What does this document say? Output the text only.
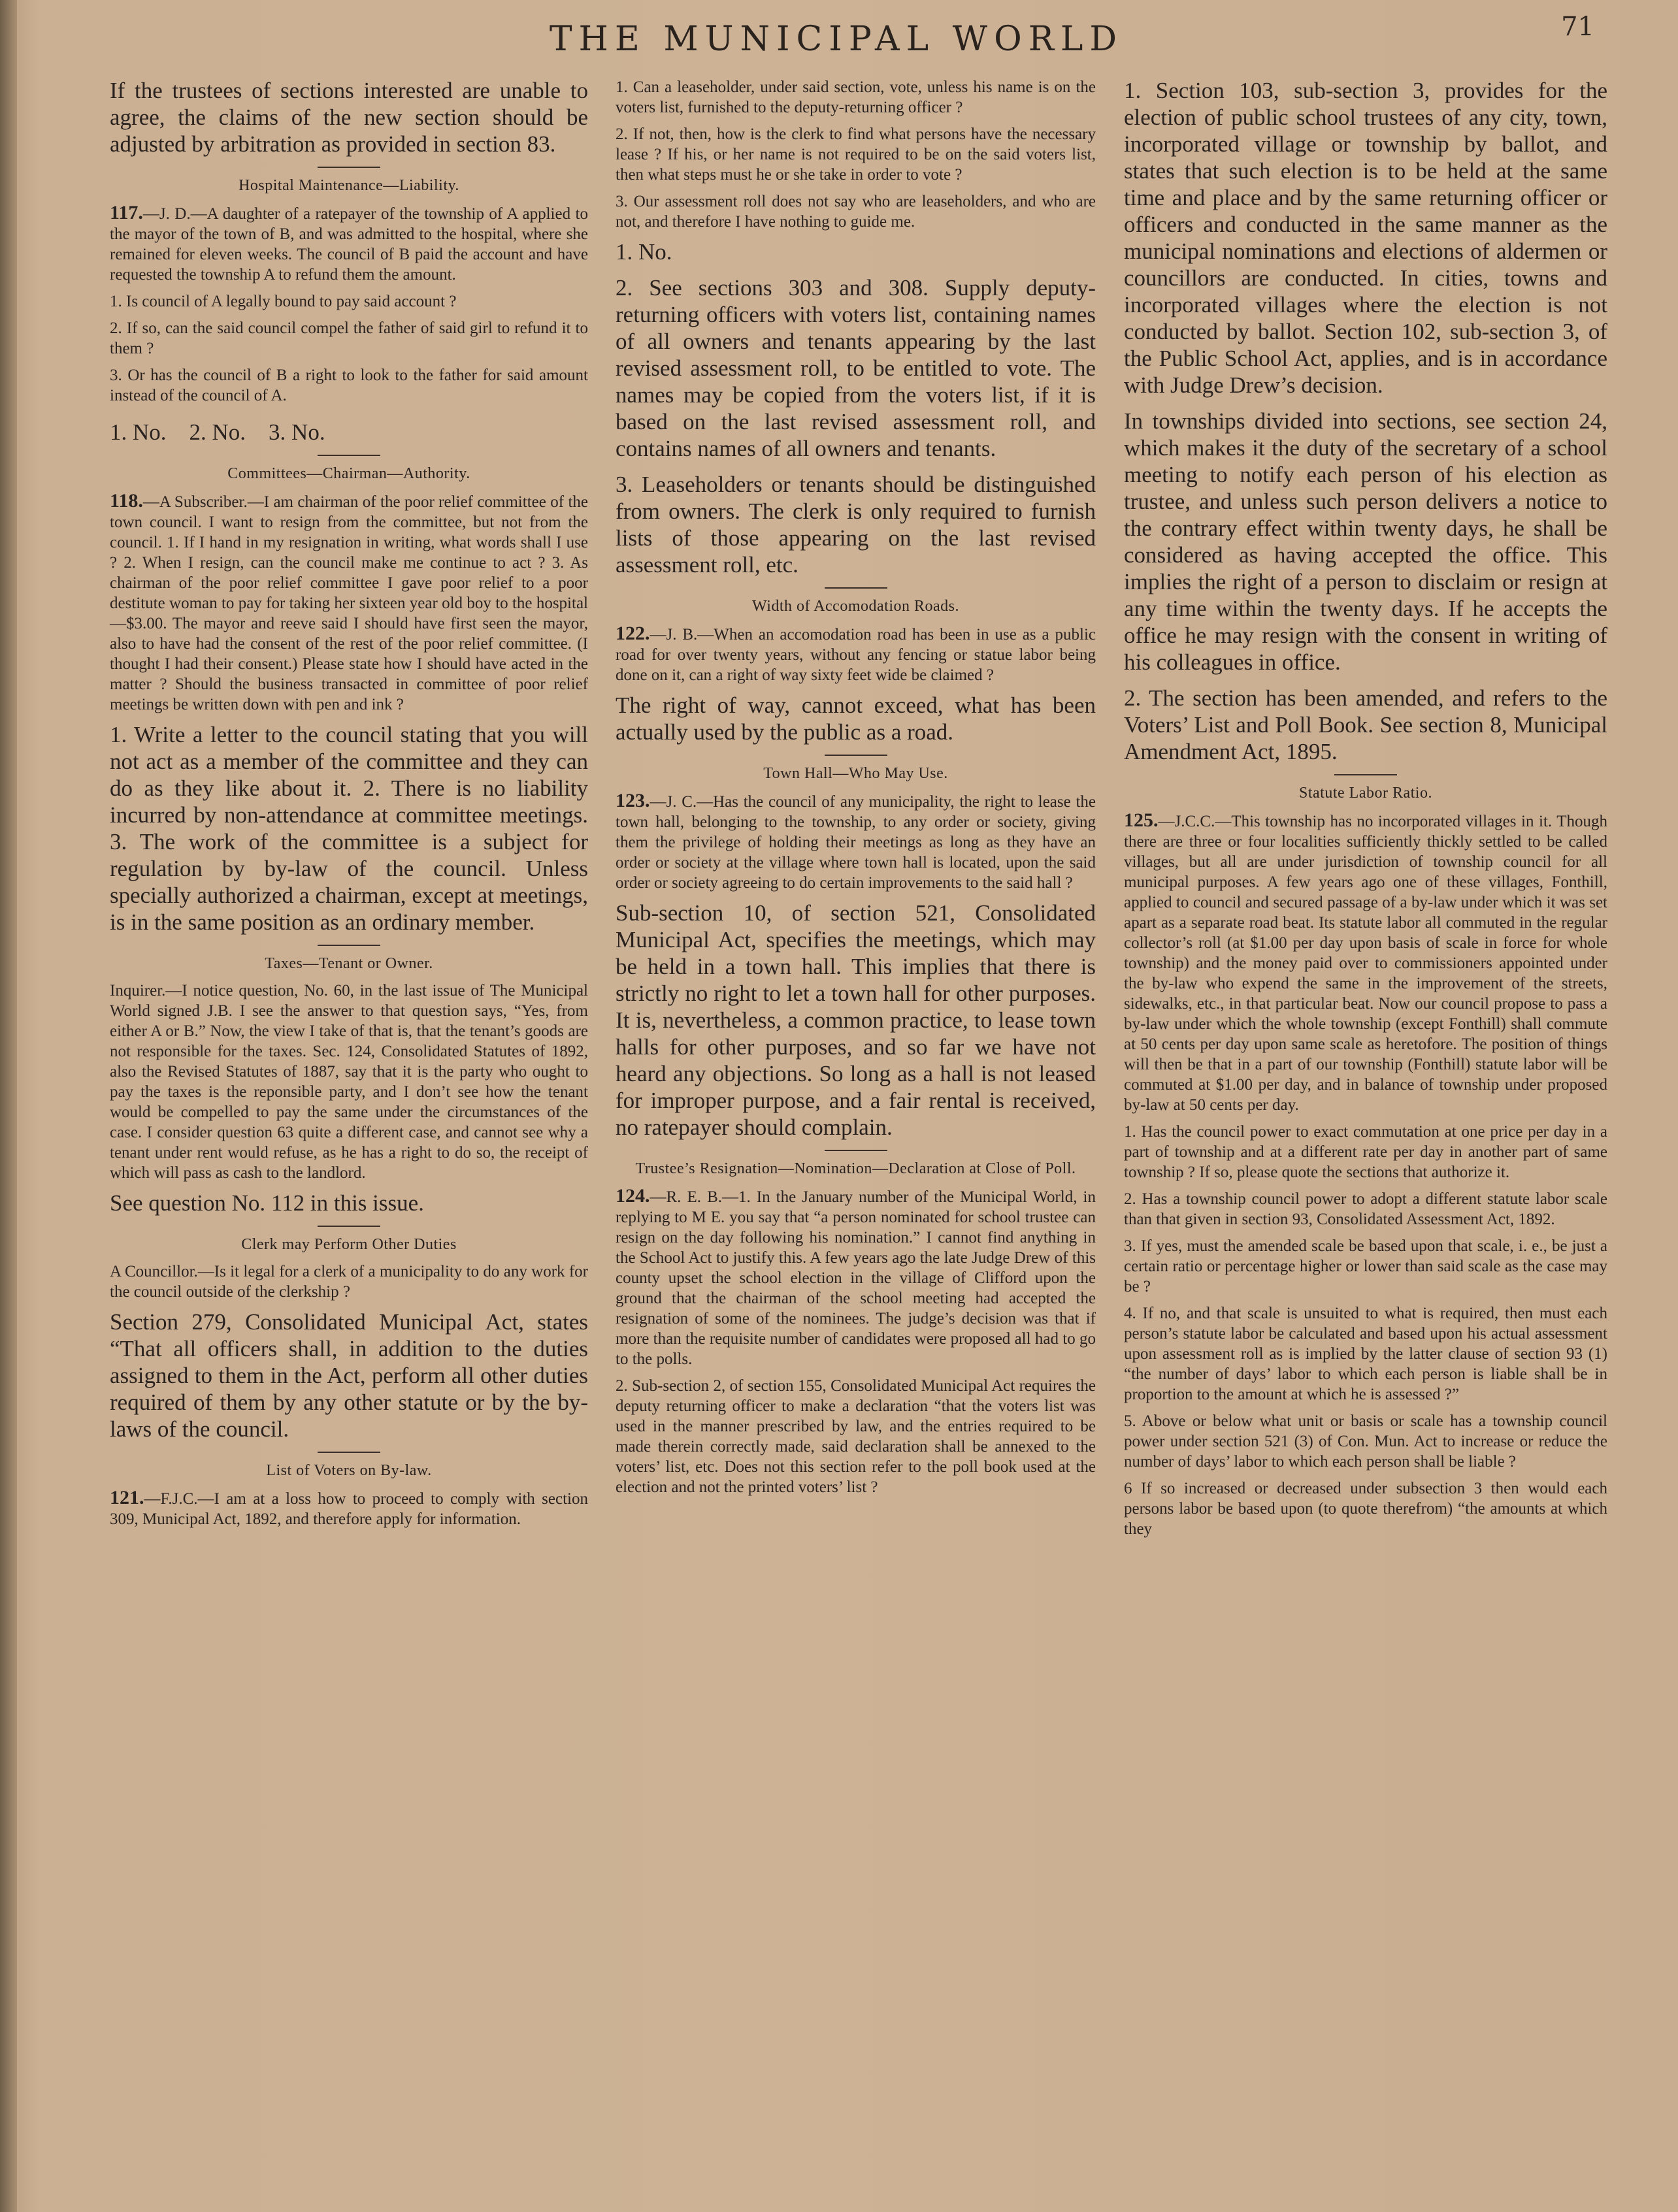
THE MUNICIPAL WORLD	71

If the trustees of sections interested are unable to agree, the claims of the new section should be adjusted by arbitration as provided in section 83.

Hospital Maintenance—Liability.

117.—J. D.—A daughter of a ratepayer of the township of A applied to the mayor of the town of B, and was admitted to the hospital, where she remained for eleven weeks. The council of B paid the account and have requested the township A to refund them the amount.

1. Is council of A legally bound to pay said account ?

2. If so, can the said council compel the father of said girl to refund it to them ?

3. Or has the council of B a right to look to the father for said amount instead of the council of A.

1. No.    2. No.    3. No.

Committees—Chairman—Authority.

118.—A Subscriber.—I am chairman of the poor relief committee of the town council. I want to resign from the committee, but not from the council. 1. If I hand in my resignation in writing, what words shall I use ? 2. When I resign, can the council make me continue to act ? 3. As chairman of the poor relief committee I gave poor relief to a poor destitute woman to pay for taking her sixteen year old boy to the hospital—$3.00. The mayor and reeve said I should have first seen the mayor, also to have had the consent of the rest of the poor relief committee. (I thought I had their consent.) Please state how I should have acted in the matter ? Should the business transacted in committee of poor relief meetings be written down with pen and ink ?

1. Write a letter to the council stating that you will not act as a member of the committee and they can do as they like about it. 2. There is no liability incurred by non-attendance at committee meetings. 3. The work of the committee is a subject for regulation by by-law of the council. Unless specially authorized a chairman, except at meetings, is in the same position as an ordinary member.

Taxes—Tenant or Owner.

Inquirer.—I notice question, No. 60, in the last issue of The Municipal World signed J.B. I see the answer to that question says, “Yes, from either A or B.” Now, the view I take of that is, that the tenant’s goods are not responsible for the taxes. Sec. 124, Consolidated Statutes of 1892, also the Revised Statutes of 1887, say that it is the party who ought to pay the taxes is the reponsible party, and I don’t see how the tenant would be compelled to pay the same under the circumstances of the case. I consider question 63 quite a different case, and cannot see why a tenant under rent would refuse, as he has a right to do so, the receipt of which will pass as cash to the landlord.

See question No. 112 in this issue.

Clerk may Perform Other Duties

A Councillor.—Is it legal for a clerk of a municipality to do any work for the council outside of the clerkship ?

Section 279, Consolidated Municipal Act, states “That all officers shall, in addition to the duties assigned to them in the Act, perform all other duties required of them by any other statute or by the by-laws of the council.

List of Voters on By-law.

121.—F.J.C.—I am at a loss how to proceed to comply with section 309, Municipal Act, 1892, and therefore apply for information.

1. Can a leaseholder, under said section, vote, unless his name is on the voters list, furnished to the deputy-returning officer ?

2. If not, then, how is the clerk to find what persons have the necessary lease ? If his, or her name is not required to be on the said voters list, then what steps must he or she take in order to vote ?

3. Our assessment roll does not say who are leaseholders, and who are not, and therefore I have nothing to guide me.

1. No.

2. See sections 303 and 308. Supply deputy-returning officers with voters list, containing names of all owners and tenants appearing by the last revised assessment roll, to be entitled to vote. The names may be copied from the voters list, if it is based on the last revised assessment roll, and contains names of all owners and tenants.

3. Leaseholders or tenants should be distinguished from owners. The clerk is only required to furnish lists of those appearing on the last revised assessment roll, etc.

Width of Accomodation Roads.

122.—J. B.—When an accomodation road has been in use as a public road for over twenty years, without any fencing or statue labor being done on it, can a right of way sixty feet wide be claimed ?

The right of way, cannot exceed, what has been actually used by the public as a road.

Town Hall—Who May Use.

123.—J. C.—Has the council of any municipality, the right to lease the town hall, belonging to the township, to any order or society, giving them the privilege of holding their meetings as long as they have an order or society at the village where town hall is located, upon the said order or society agreeing to do certain improvements to the said hall ?

Sub-section 10, of section 521, Consolidated Municipal Act, specifies the meetings, which may be held in a town hall. This implies that there is strictly no right to let a town hall for other purposes. It is, nevertheless, a common practice, to lease town halls for other purposes, and so far we have not heard any objections. So long as a hall is not leased for improper purpose, and a fair rental is received, no ratepayer should complain.

Trustee’s Resignation—Nomination—Declaration at Close of Poll.

124.—R. E. B.—1. In the January number of the Municipal World, in replying to M E. you say that “a person nominated for school trustee can resign on the day following his nomination.” I cannot find anything in the School Act to justify this. A few years ago the late Judge Drew of this county upset the school election in the village of Clifford upon the ground that the chairman of the school meeting had accepted the resignation of some of the nominees. The judge’s decision was that if more than the requisite number of candidates were proposed all had to go to the polls.

2. Sub-section 2, of section 155, Consolidated Municipal Act requires the deputy returning officer to make a declaration “that the voters list was used in the manner prescribed by law, and the entries required to be made therein correctly made, said declaration shall be annexed to the voters’ list, etc. Does not this section refer to the poll book used at the election and not the printed voters’ list ?

1. Section 103, sub-section 3, provides for the election of public school trustees of any city, town, incorporated village or township by ballot, and states that such election is to be held at the same time and place and by the same returning officer or officers and conducted in the same manner as the municipal nominations and elections of aldermen or councillors are conducted. In cities, towns and incorporated villages where the election is not conducted by ballot. Section 102, sub-section 3, of the Public School Act, applies, and is in accordance with Judge Drew’s decision.

In townships divided into sections, see section 24, which makes it the duty of the secretary of a school meeting to notify each person of his election as trustee, and unless such person delivers a notice to the contrary effect within twenty days, he shall be considered as having accepted the office. This implies the right of a person to disclaim or resign at any time within the twenty days. If he accepts the office he may resign with the consent in writing of his colleagues in office.

2. The section has been amended, and refers to the Voters’ List and Poll Book. See section 8, Municipal Amendment Act, 1895.

Statute Labor Ratio.

125.—J.C.C.—This township has no incorporated villages in it. Though there are three or four localities sufficiently thickly settled to be called villages, but all are under jurisdiction of township council for all municipal purposes. A few years ago one of these villages, Fonthill, applied to council and secured passage of a by-law under which it was set apart as a separate road beat. Its statute labor all commuted in the regular collector’s roll (at $1.00 per day upon basis of scale in force for whole township) and the money paid over to commissioners appointed under the by-law who expend the same in the improvement of the streets, sidewalks, etc., in that particular beat. Now our council propose to pass a by-law under which the whole township (except Fonthill) shall commute at 50 cents per day upon same scale as heretofore. The position of things will then be that in a part of our township (Fonthill) statute labor will be commuted at $1.00 per day, and in balance of township under proposed by-law at 50 cents per day.

1. Has the council power to exact commutation at one price per day in a part of township and at a different rate per day in another part of same township ? If so, please quote the sections that authorize it.

2. Has a township council power to adopt a different statute labor scale than that given in section 93, Consolidated Assessment Act, 1892.

3. If yes, must the amended scale be based upon that scale, i. e., be just a certain ratio or percentage higher or lower than said scale as the case may be ?

4. If no, and that scale is unsuited to what is required, then must each person’s statute labor be calculated and based upon his actual assessment upon assessment roll as is implied by the latter clause of section 93 (1) “the number of days’ labor to which each person is liable shall be in proportion to the amount at which he is assessed ?”

5. Above or below what unit or basis or scale has a township council power under section 521 (3) of Con. Mun. Act to increase or reduce the number of days’ labor to which each person shall be liable ?

6 If so increased or decreased under subsection 3 then would each persons labor be based upon (to quote therefrom) “the amounts at which they
